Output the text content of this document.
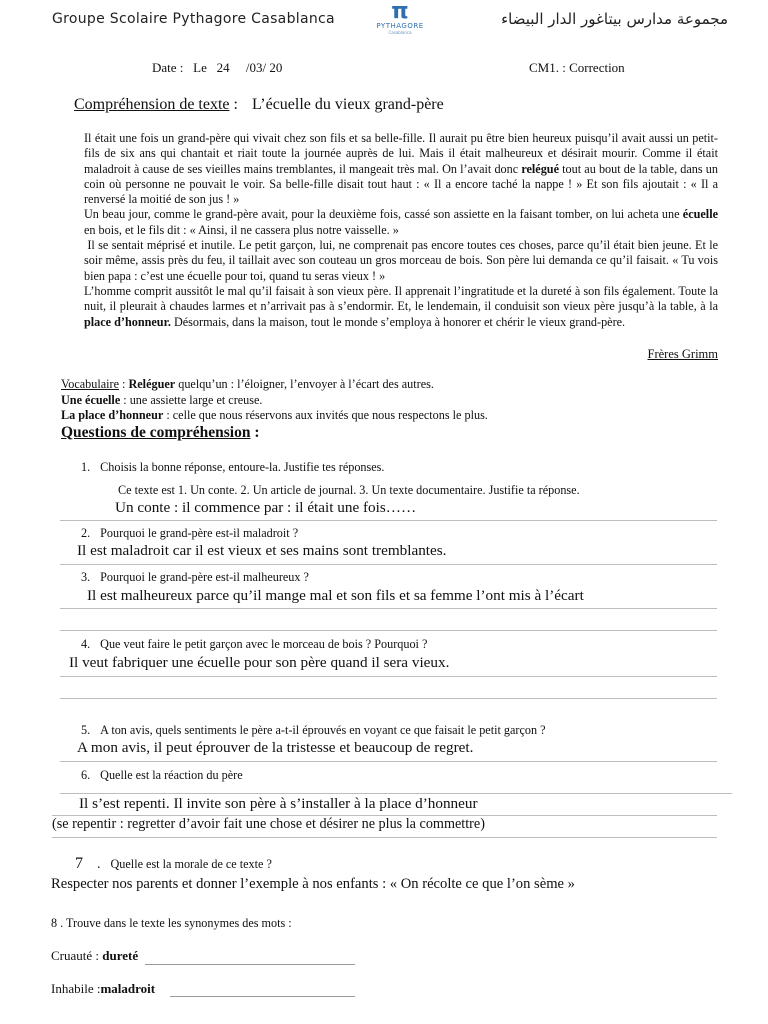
Groupe Scolaire Pythagore Casablanca	π
PYTHAGORE
Casablanca
مجموعة مدارس بيتاغور الدار البيضاء
Date :   Le   24     /03/ 20	CM1. : Correction
Compréhension de texte : L’écuelle du vieux grand-père

Il était une fois un grand-père qui vivait chez son fils et sa belle-fille. Il aurait pu être bien heureux puisqu’il avait aussi un petit-fils de six ans qui chantait et riait toute la journée auprès de lui. Mais il était malheureux et désirait mourir. Comme il était maladroit à cause de ses vieilles mains tremblantes, il mangeait très mal. On l’avait donc relégué tout au bout de la table, dans un coin où personne ne pouvait le voir. Sa belle-fille disait tout haut : « Il a encore taché la nappe ! » Et son fils ajoutait : « Il a renversé la moitié de son jus ! »

Un beau jour, comme le grand-père avait, pour la deuxième fois, cassé son assiette en la faisant tomber, on lui acheta une écuelle en bois, et le fils dit : « Ainsi, il ne cassera plus notre vaisselle. »

Il se sentait méprisé et inutile. Le petit garçon, lui, ne comprenait pas encore toutes ces choses, parce qu’il était bien jeune. Et le soir même, assis près du feu, il taillait avec son couteau un gros morceau de bois. Son père lui demanda ce qu’il faisait. « Tu vois bien papa : c’est une écuelle pour toi, quand tu seras vieux ! »

L’homme comprit aussitôt le mal qu’il faisait à son vieux père. Il apprenait l’ingratitude et la dureté à son fils également. Toute la nuit, il pleurait à chaudes larmes et n’arrivait pas à s’endormir. Et, le lendemain, il conduisit son vieux père jusqu’à la table, à la place d’honneur. Désormais, dans la maison, tout le monde s’employa à honorer et chérir le vieux grand-père.

Frères Grimm
Vocabulaire : Reléguer quelqu’un : l’éloigner, l’envoyer à l’écart des autres.
Une écuelle : une assiette large et creuse.
La place d’honneur : celle que nous réservons aux invités que nous respectons le plus.
Questions de compréhension :
1. Choisis la bonne réponse, entoure-la. Justifie tes réponses.
Ce texte est 1. Un conte. 2. Un article de journal. 3. Un texte documentaire. Justifie ta réponse.
Un conte : il commence par : il était une fois……
2. Pourquoi le grand-père est-il maladroit ?
Il est maladroit car il est vieux et ses mains sont tremblantes.
3. Pourquoi le grand-père est-il malheureux ?
Il est malheureux parce qu’il mange mal et son fils et sa femme l’ont mis à l’écart
4. Que veut faire le petit garçon avec le morceau de bois ? Pourquoi ?
Il veut fabriquer une écuelle pour son père quand il sera vieux.
5. A ton avis, quels sentiments le père a-t-il éprouvés en voyant ce que faisait le petit garçon ?
A mon avis, il peut éprouver de la tristesse et beaucoup de regret.
6. Quelle est la réaction du père
Il s’est repenti. Il invite son père à s’installer à la place d’honneur
(se repentir : regretter d’avoir fait une chose et désirer ne plus la commettre)
7 . Quelle est la morale de ce texte ?
Respecter nos parents et donner l’exemple à nos enfants : « On récolte ce que l’on sème »
8 . Trouve dans le texte les synonymes des mots :
Cruauté : dureté
Inhabile :maladroit
